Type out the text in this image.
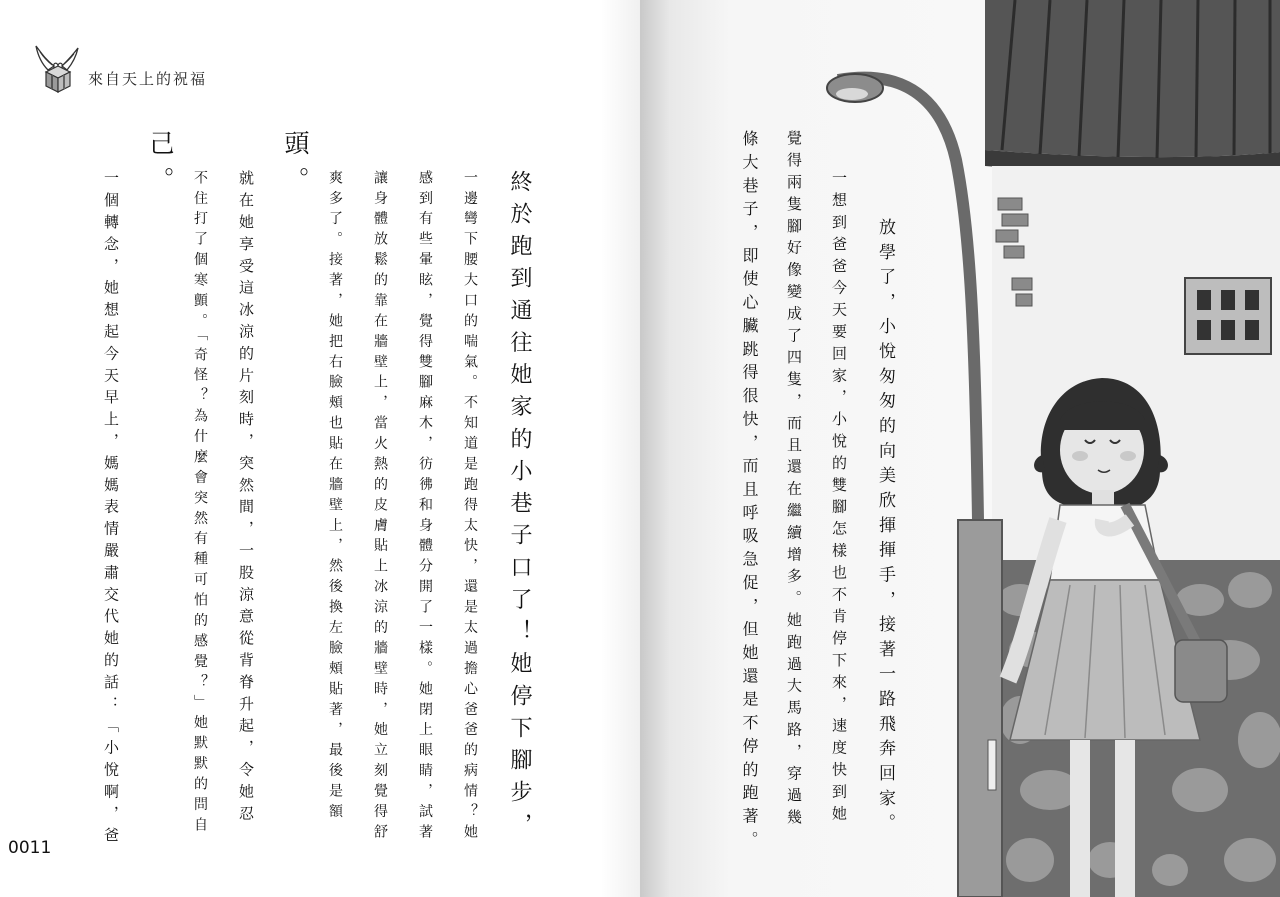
來自天上的祝福
終於跑到通往她家的小巷子口了！她停下腳步，
一邊彎下腰大口的喘氣。不知道是跑得太快，還是太過擔心爸爸的病情？她
感到有些暈眩，覺得雙腳麻木，彷彿和身體分開了一樣。她閉上眼睛，試著
讓身體放鬆的靠在牆壁上，當火熱的皮膚貼上冰涼的牆壁時，她立刻覺得舒
爽多了。接著，她把右臉頰也貼在牆壁上，然後換左臉頰貼著，最後是額
頭。
就在她享受這冰涼的片刻時，突然間，一股涼意從背脊升起，令她忍
不住打了個寒顫。「奇怪？為什麼會突然有種可怕的感覺？」她默默的問自
己。
一個轉念，她想起今天早上，媽媽表情嚴肅交代她的話：「小悅啊，爸
0011
放學了，小悅匆匆的向美欣揮揮手，接著一路飛奔回家。
一想到爸爸今天要回家，小悅的雙腳怎樣也不肯停下來，速度快到她
覺得兩隻腳好像變成了四隻，而且還在繼續增多。她跑過大馬路，穿過幾
條大巷子，即使心臟跳得很快，而且呼吸急促，但她還是不停的跑著。
